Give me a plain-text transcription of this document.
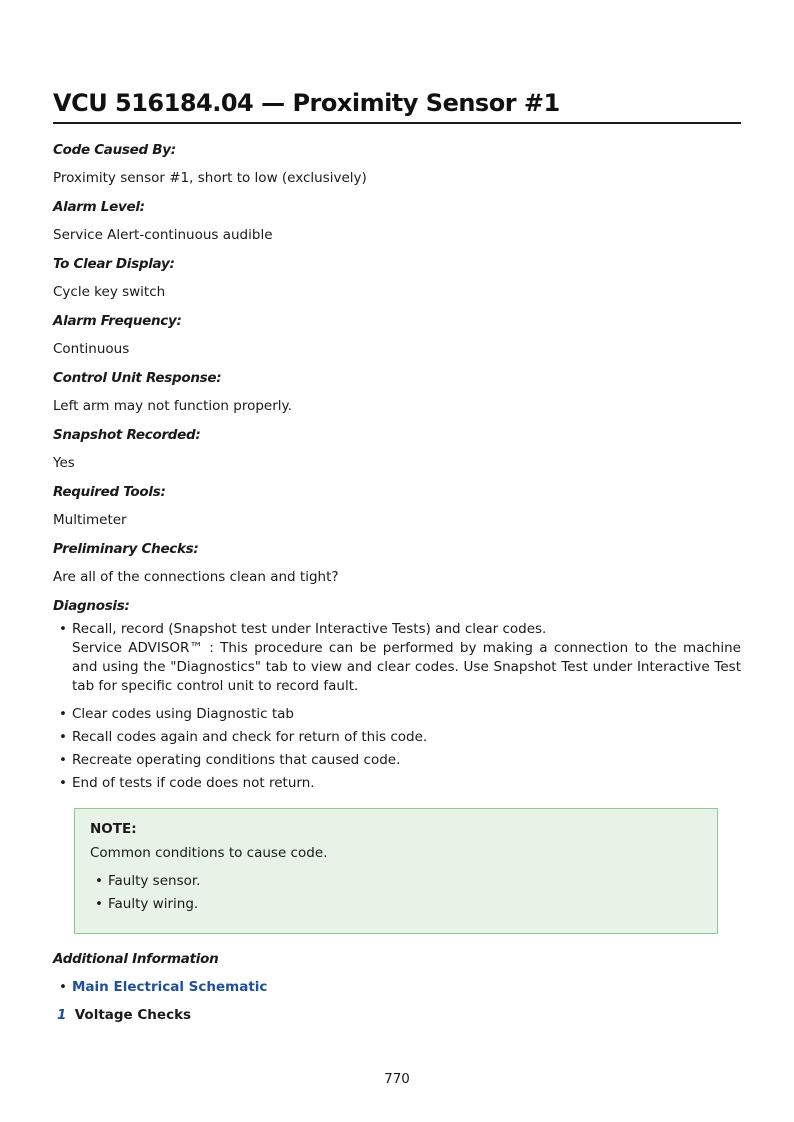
VCU 516184.04 — Proximity Sensor #1
Code Caused By:
Proximity sensor #1, short to low (exclusively)
Alarm Level:
Service Alert-continuous audible
To Clear Display:
Cycle key switch
Alarm Frequency:
Continuous
Control Unit Response:
Left arm may not function properly.
Snapshot Recorded:
Yes
Required Tools:
Multimeter
Preliminary Checks:
Are all of the connections clean and tight?
Diagnosis:
• Recall, record (Snapshot test under Interactive Tests) and clear codes.
Service ADVISOR™ : This procedure can be performed by making a connection to the machine and using the "Diagnostics" tab to view and clear codes. Use Snapshot Test under Interactive Test tab for specific control unit to record fault.
• Clear codes using Diagnostic tab
• Recall codes again and check for return of this code.
• Recreate operating conditions that caused code.
• End of tests if code does not return.
NOTE:
Common conditions to cause code.
• Faulty sensor.
• Faulty wiring.
Additional Information
• Main Electrical Schematic
1 Voltage Checks
770
